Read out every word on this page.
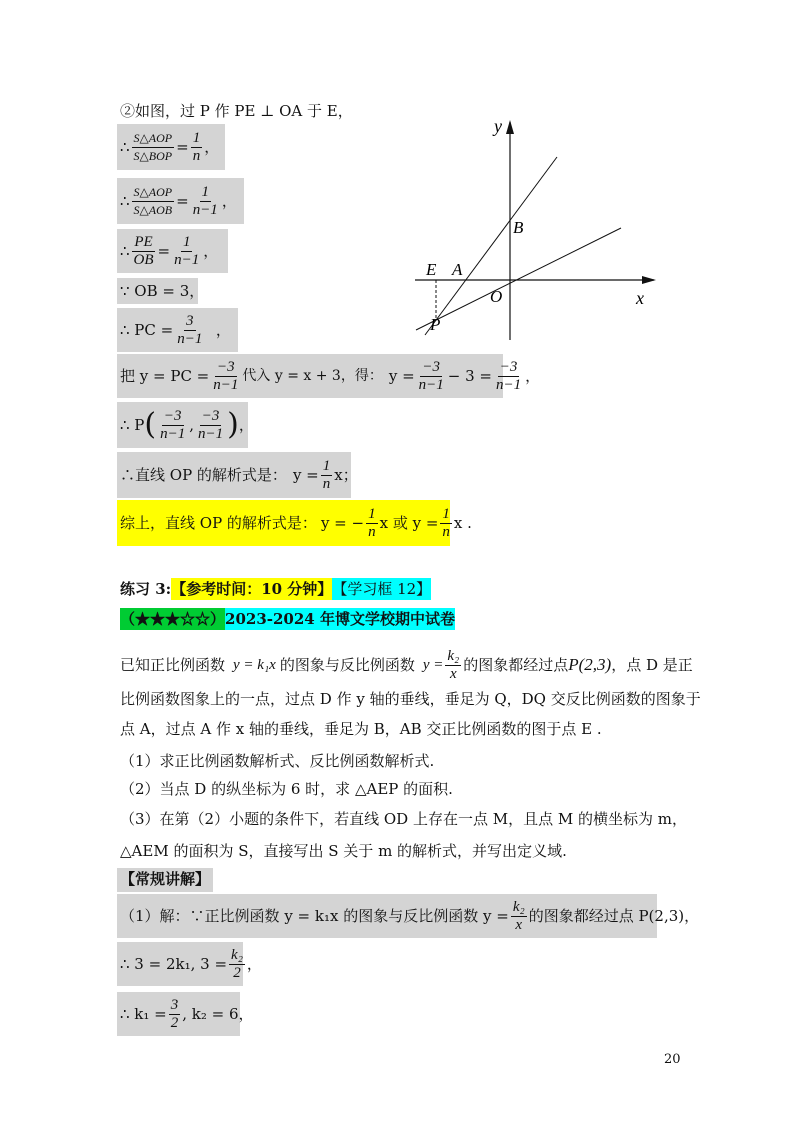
②如图，过 P 作 PE ⊥ OA 于 E，
∴ $\frac{\text{S△AOP}}{\text{S△BOP}} = \frac{1}{n}$ ，
∴ $\frac{\text{S△AOP}}{\text{S△AOB}} = \frac{1}{n-1}$ ，
∴ $\frac{PE}{OB} = \frac{1}{n-1}$ ，
∵ OB = 3，
∴ PC = $\frac{3}{n-1}$ ，
把 y = PC = $\frac{-3}{n-1}$ 代入 y = x + 3，得： $y = \frac{-3}{n-1} - 3 = \frac{-3}{n-1}$ ，
∴ P ( $\frac{-3}{n-1}$ , $\frac{-3}{n-1}$ ) ，
∴直线 OP 的解析式是： $y = \frac{1}{n}$ x；
综上，直线 OP 的解析式是： y = − $\frac{1}{n}$ x 或 $y = \frac{1}{n}$ x .
y
x
B
E A
O
P
练习 3: 【参考时间：10 分钟】 【学习框 12】
（★★★☆☆） 2023-2024 年博文学校期中试卷
已知正比例函数 y = k₁x 的图象与反比例函数 $y = \frac{\text{k₂}}{x}$ 的图象都经过点 P(2,3) ，点 D 是正
比例函数图象上的一点，过点 D 作 y 轴的垂线，垂足为 Q，DQ 交反比例函数的图象于
点 A，过点 A 作 x 轴的垂线，垂足为 B，AB 交正比例函数的图于点 E .
（1）求正比例函数解析式、反比例函数解析式.
（2）当点 D 的纵坐标为 6 时，求 △AEP 的面积.
（3）在第（2）小题的条件下，若直线 OD 上存在一点 M，且点 M 的横坐标为 m，
△AEM 的面积为 S，直接写出 S 关于 m 的解析式，并写出定义域.
【常规讲解】
（1）解：∵正比例函数 y = k₁x 的图象与反比例函数 $y = \frac{\text{k₂}}{x}$ 的图象都经过点 P(2,3)，
∴ 3 = 2k₁, $3 = \frac{\text{k₂}}{2}$ ，
∴ $k_1 = \frac{3}{2}$ , k₂ = 6，
20
